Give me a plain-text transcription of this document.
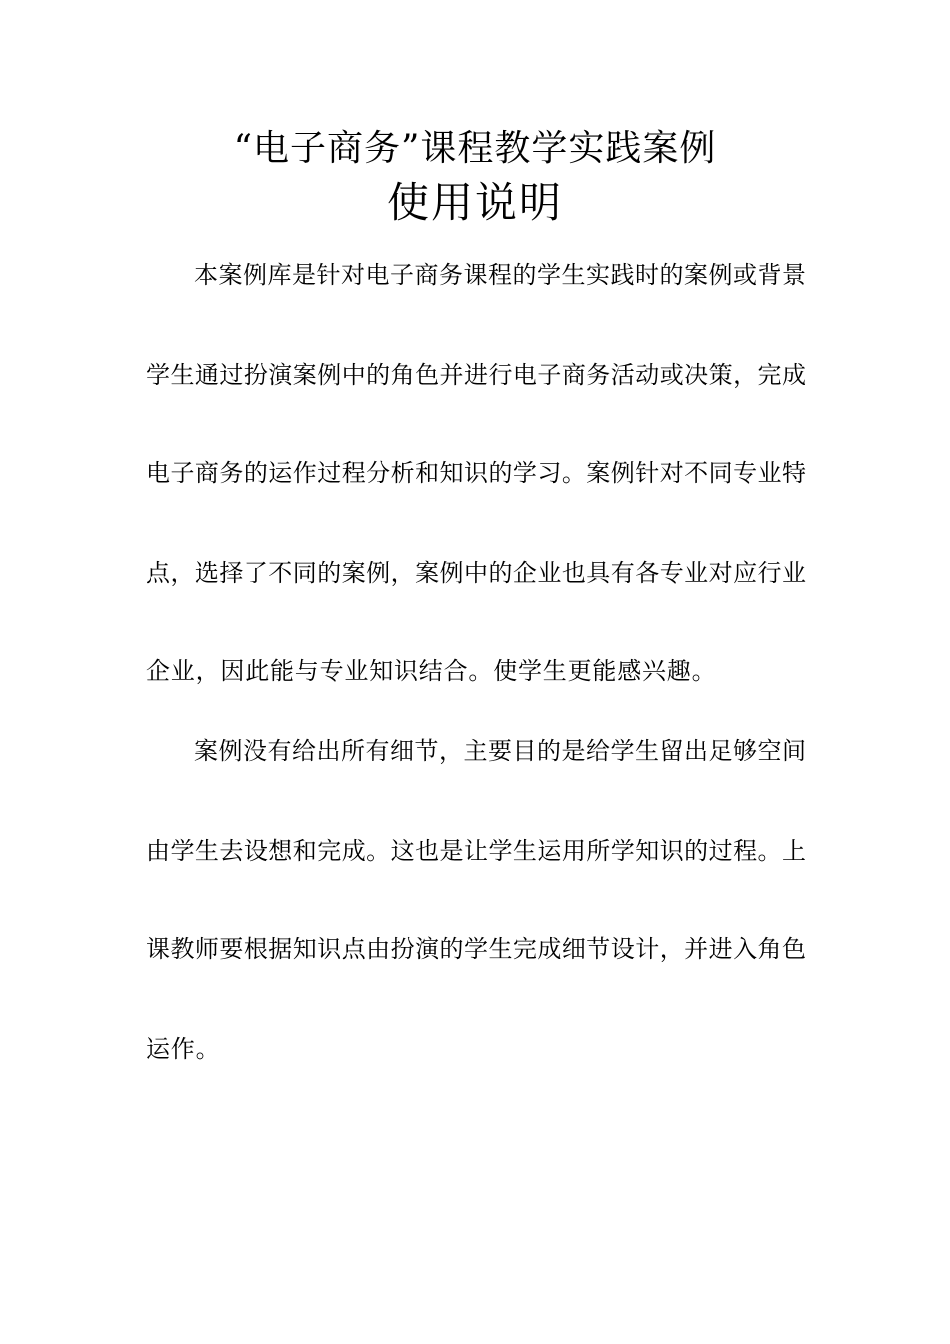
“电子商务”课程教学实践案例
使用说明
本案例库是针对电子商务课程的学生实践时的案例或背景
学生通过扮演案例中的角色并进行电子商务活动或决策，完成
电子商务的运作过程分析和知识的学习。案例针对不同专业特
点，选择了不同的案例，案例中的企业也具有各专业对应行业
企业，因此能与专业知识结合。使学生更能感兴趣。
案例没有给出所有细节，主要目的是给学生留出足够空间
由学生去设想和完成。这也是让学生运用所学知识的过程。上
课教师要根据知识点由扮演的学生完成细节设计，并进入角色
运作。
